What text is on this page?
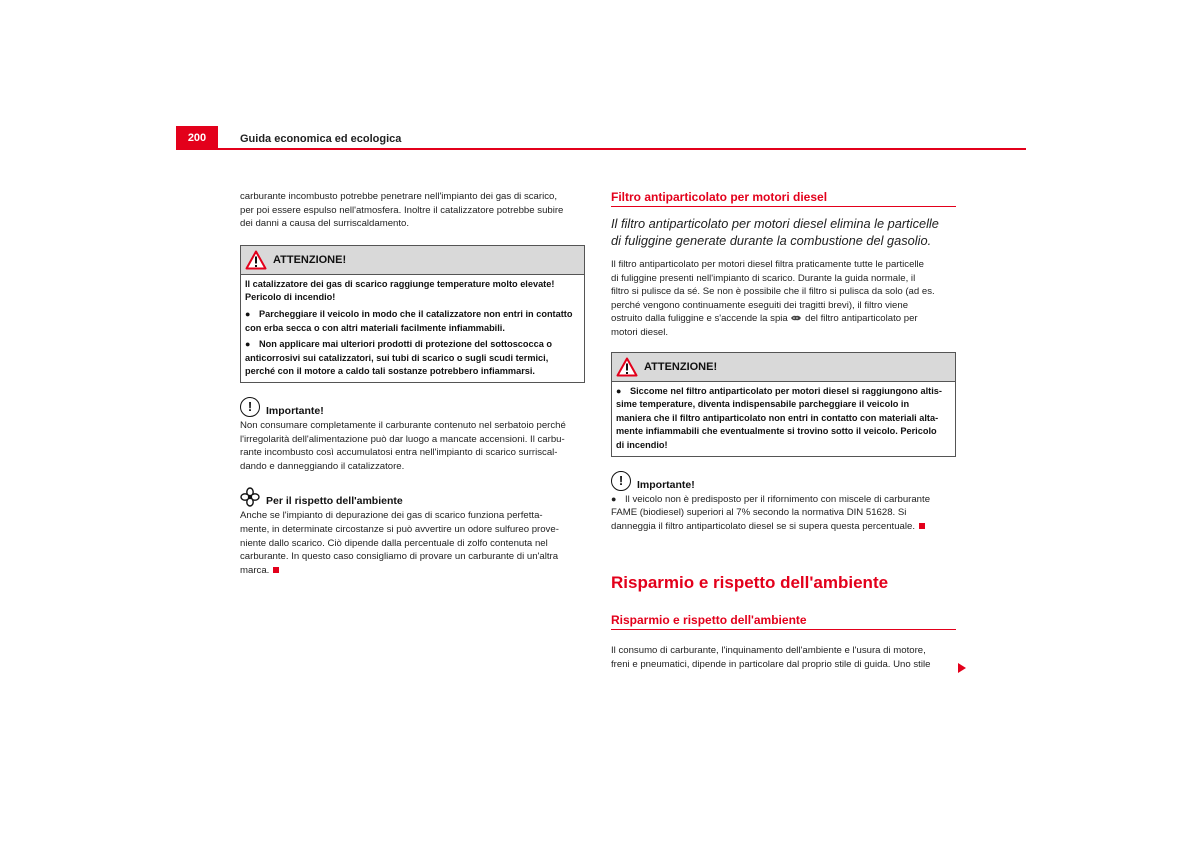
200	Guida economica ed ecologica

carburante incombusto potrebbe penetrare nell'impianto dei gas di scarico,

per poi essere espulso nell'atmosfera. Inoltre il catalizzatore potrebbe subire

dei danni a causa del surriscaldamento.

ATTENZIONE!

Il catalizzatore dei gas di scarico raggiunge temperature molto elevate!

Pericolo di incendio!

● Parcheggiare il veicolo in modo che il catalizzatore non entri in contatto

con erba secca o con altri materiali facilmente infiammabili.

● Non applicare mai ulteriori prodotti di protezione del sottoscocca o

anticorrosivi sui catalizzatori, sui tubi di scarico o sugli scudi termici,

perché con il motore a caldo tali sostanze potrebbero infiammarsi.

!	Importante!

Non consumare completamente il carburante contenuto nel serbatoio perché

l'irregolarità dell'alimentazione può dar luogo a mancate accensioni. Il carbu-

rante incombusto così accumulatosi entra nell'impianto di scarico surriscal-

dando e danneggiando il catalizzatore.

Per il rispetto dell'ambiente

Anche se l'impianto di depurazione dei gas di scarico funziona perfetta-

mente, in determinate circostanze si può avvertire un odore sulfureo prove-

niente dallo scarico. Ciò dipende dalla percentuale di zolfo contenuta nel

carburante. In questo caso consigliamo di provare un carburante di un'altra

marca.

Filtro antiparticolato per motori diesel
Il filtro antiparticolato per motori diesel elimina le particelle
di fuliggine generate durante la combustione del gasolio.

Il filtro antiparticolato per motori diesel filtra praticamente tutte le particelle

di fuliggine presenti nell'impianto di scarico. Durante la guida normale, il

filtro si pulisce da sé. Se non è possibile che il filtro si pulisca da solo (ad es.

perché vengono continuamente eseguiti dei tragitti brevi), il filtro viene

ostruito dalla fuliggine e s'accende la spia del filtro antiparticolato per

motori diesel.

ATTENZIONE!

● Siccome nel filtro antiparticolato per motori diesel si raggiungono altis-

sime temperature, diventa indispensabile parcheggiare il veicolo in

maniera che il filtro antiparticolato non entri in contatto con materiali alta-

mente infiammabili che eventualmente si trovino sotto il veicolo. Pericolo

di incendio!

!	Importante!

● Il veicolo non è predisposto per il rifornimento con miscele di carburante

FAME (biodiesel) superiori al 7% secondo la normativa DIN 51628. Si

danneggia il filtro antiparticolato diesel se si supera questa percentuale.

Risparmio e rispetto dell'ambiente
Risparmio e rispetto dell'ambiente

Il consumo di carburante, l'inquinamento dell'ambiente e l'usura di motore,

freni e pneumatici, dipende in particolare dal proprio stile di guida. Uno stile
